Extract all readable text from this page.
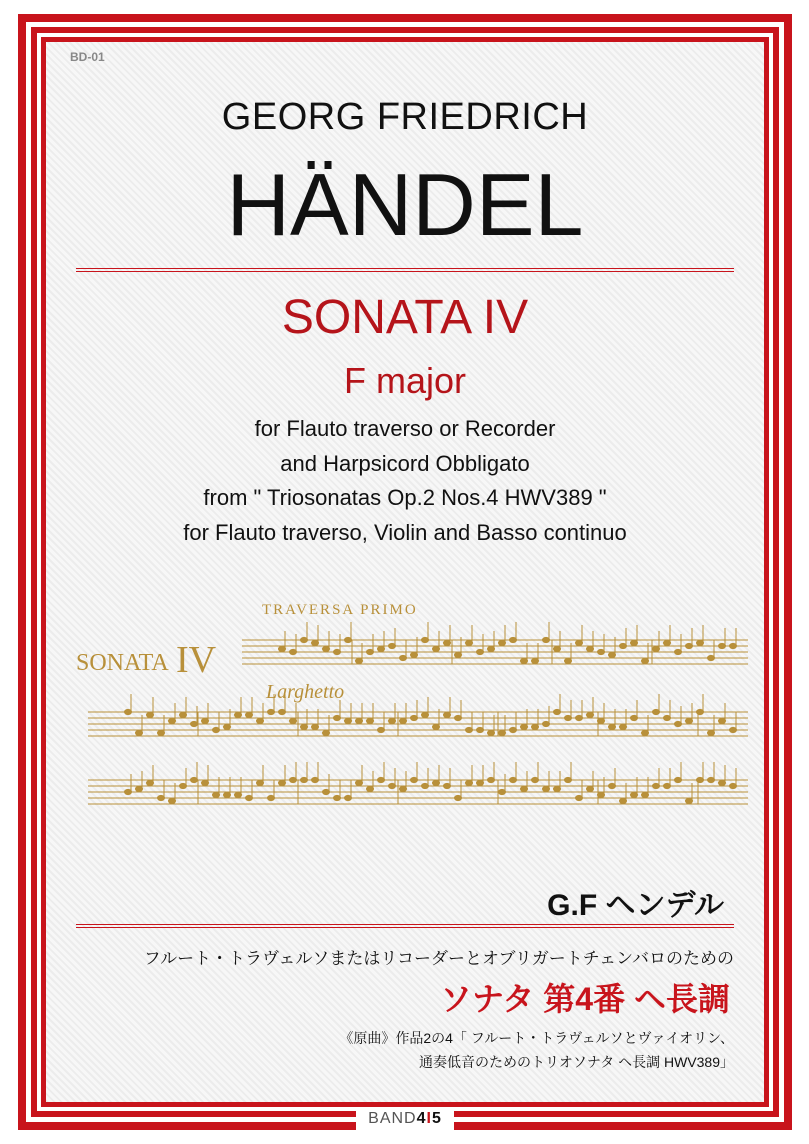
BD-01
GEORG FRIEDRICH
HÄNDEL
SONATA IV
F major
for Flauto traverso or Recorder
and Harpsicord Obbligato
from " Triosonatas Op.2 Nos.4 HWV389 "
for Flauto traverso, Violin and Basso continuo
TRAVERSA PRIMO
SONATA IV
Larghetto
G.F ヘンデル
フルート・トラヴェルソまたはリコーダーとオブリガートチェンバロのための
ソナタ 第4番 ヘ長調
《原曲》作品2の4「 フルート・トラヴェルソとヴァイオリン、
通奏低音のためのトリオソナタ ヘ長調 HWV389」
BAND4I5
